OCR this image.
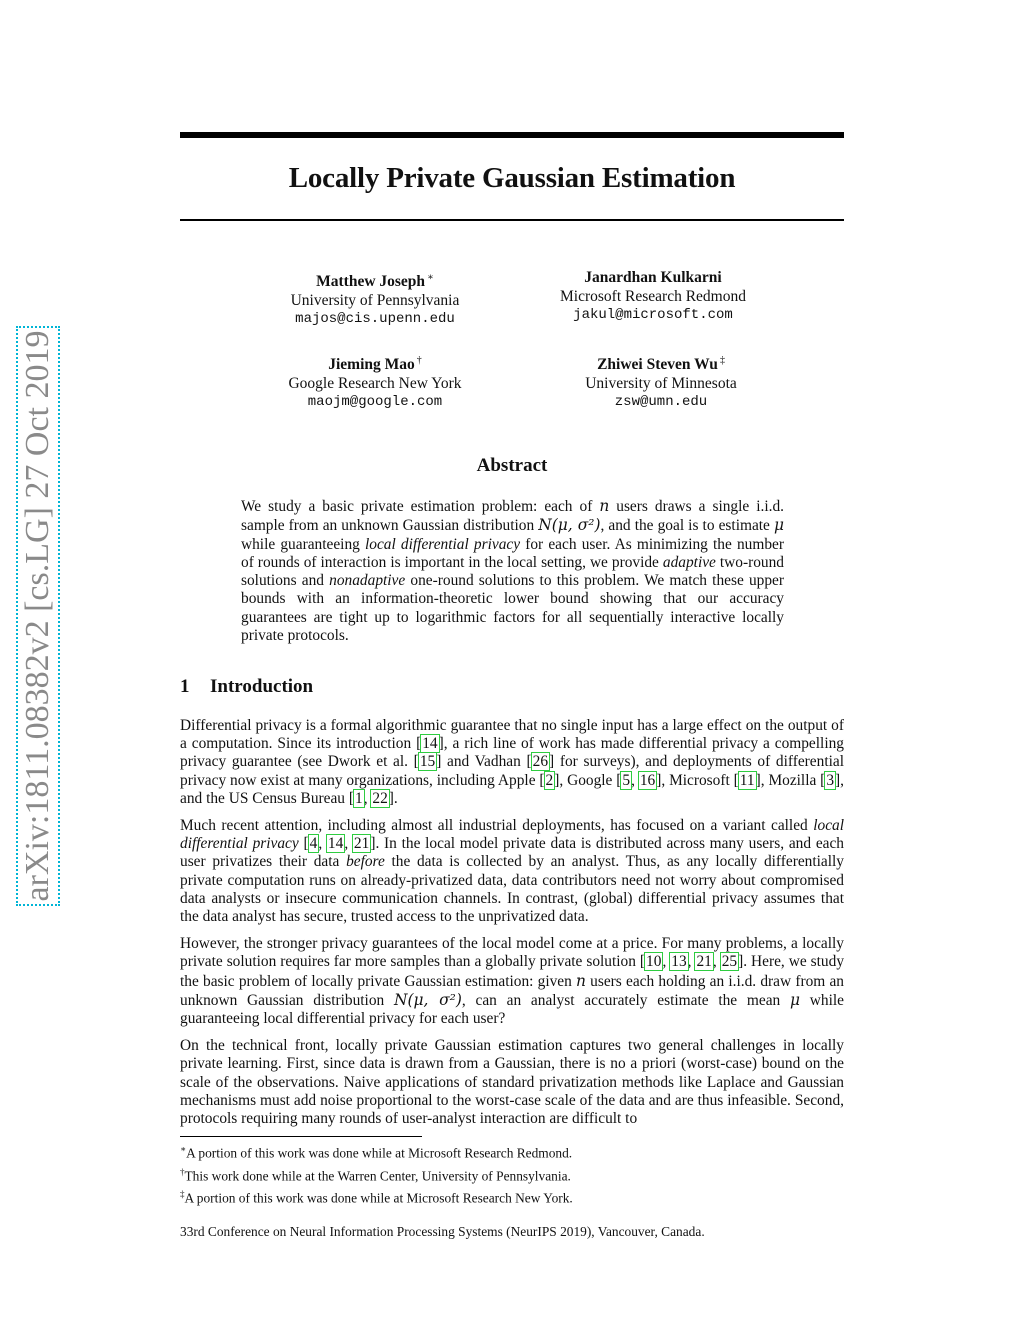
arXiv:1811.08382v2 [cs.LG] 27 Oct 2019
Locally Private Gaussian Estimation
Matthew Joseph ∗
University of Pennsylvania
majos@cis.upenn.edu
Janardhan Kulkarni
Microsoft Research Redmond
jakul@microsoft.com
Jieming Mao †
Google Research New York
maojm@google.com
Zhiwei Steven Wu ‡
University of Minnesota
zsw@umn.edu
Abstract
We study a basic private estimation problem: each of n users draws a single i.i.d. sample from an unknown Gaussian distribution N(μ, σ²), and the goal is to estimate μ while guaranteeing local differential privacy for each user. As minimizing the number of rounds of interaction is important in the local setting, we provide adaptive two-round solutions and nonadaptive one-round solutions to this problem. We match these upper bounds with an information-theoretic lower bound showing that our accuracy guarantees are tight up to logarithmic factors for all sequentially interactive locally private protocols.
1 Introduction

Differential privacy is a formal algorithmic guarantee that no single input has a large effect on the output of a computation. Since its introduction [14], a rich line of work has made differential privacy a compelling privacy guarantee (see Dwork et al. [15] and Vadhan [26] for surveys), and deployments of differential privacy now exist at many organizations, including Apple [2], Google [5, 16], Microsoft [11], Mozilla [3], and the US Census Bureau [1, 22].

Much recent attention, including almost all industrial deployments, has focused on a variant called local differential privacy [4, 14, 21]. In the local model private data is distributed across many users, and each user privatizes their data before the data is collected by an analyst. Thus, as any locally differentially private computation runs on already-privatized data, data contributors need not worry about compromised data analysts or insecure communication channels. In contrast, (global) differential privacy assumes that the data analyst has secure, trusted access to the unprivatized data.

However, the stronger privacy guarantees of the local model come at a price. For many problems, a locally private solution requires far more samples than a globally private solution [10, 13, 21, 25]. Here, we study the basic problem of locally private Gaussian estimation: given n users each holding an i.i.d. draw from an unknown Gaussian distribution N(μ, σ²), can an analyst accurately estimate the mean μ while guaranteeing local differential privacy for each user?

On the technical front, locally private Gaussian estimation captures two general challenges in locally private learning. First, since data is drawn from a Gaussian, there is no a priori (worst-case) bound on the scale of the observations. Naive applications of standard privatization methods like Laplace and Gaussian mechanisms must add noise proportional to the worst-case scale of the data and are thus infeasible. Second, protocols requiring many rounds of user-analyst interaction are difficult to

∗A portion of this work was done while at Microsoft Research Redmond.
†This work done while at the Warren Center, University of Pennsylvania.
‡A portion of this work was done while at Microsoft Research New York.
33rd Conference on Neural Information Processing Systems (NeurIPS 2019), Vancouver, Canada.
